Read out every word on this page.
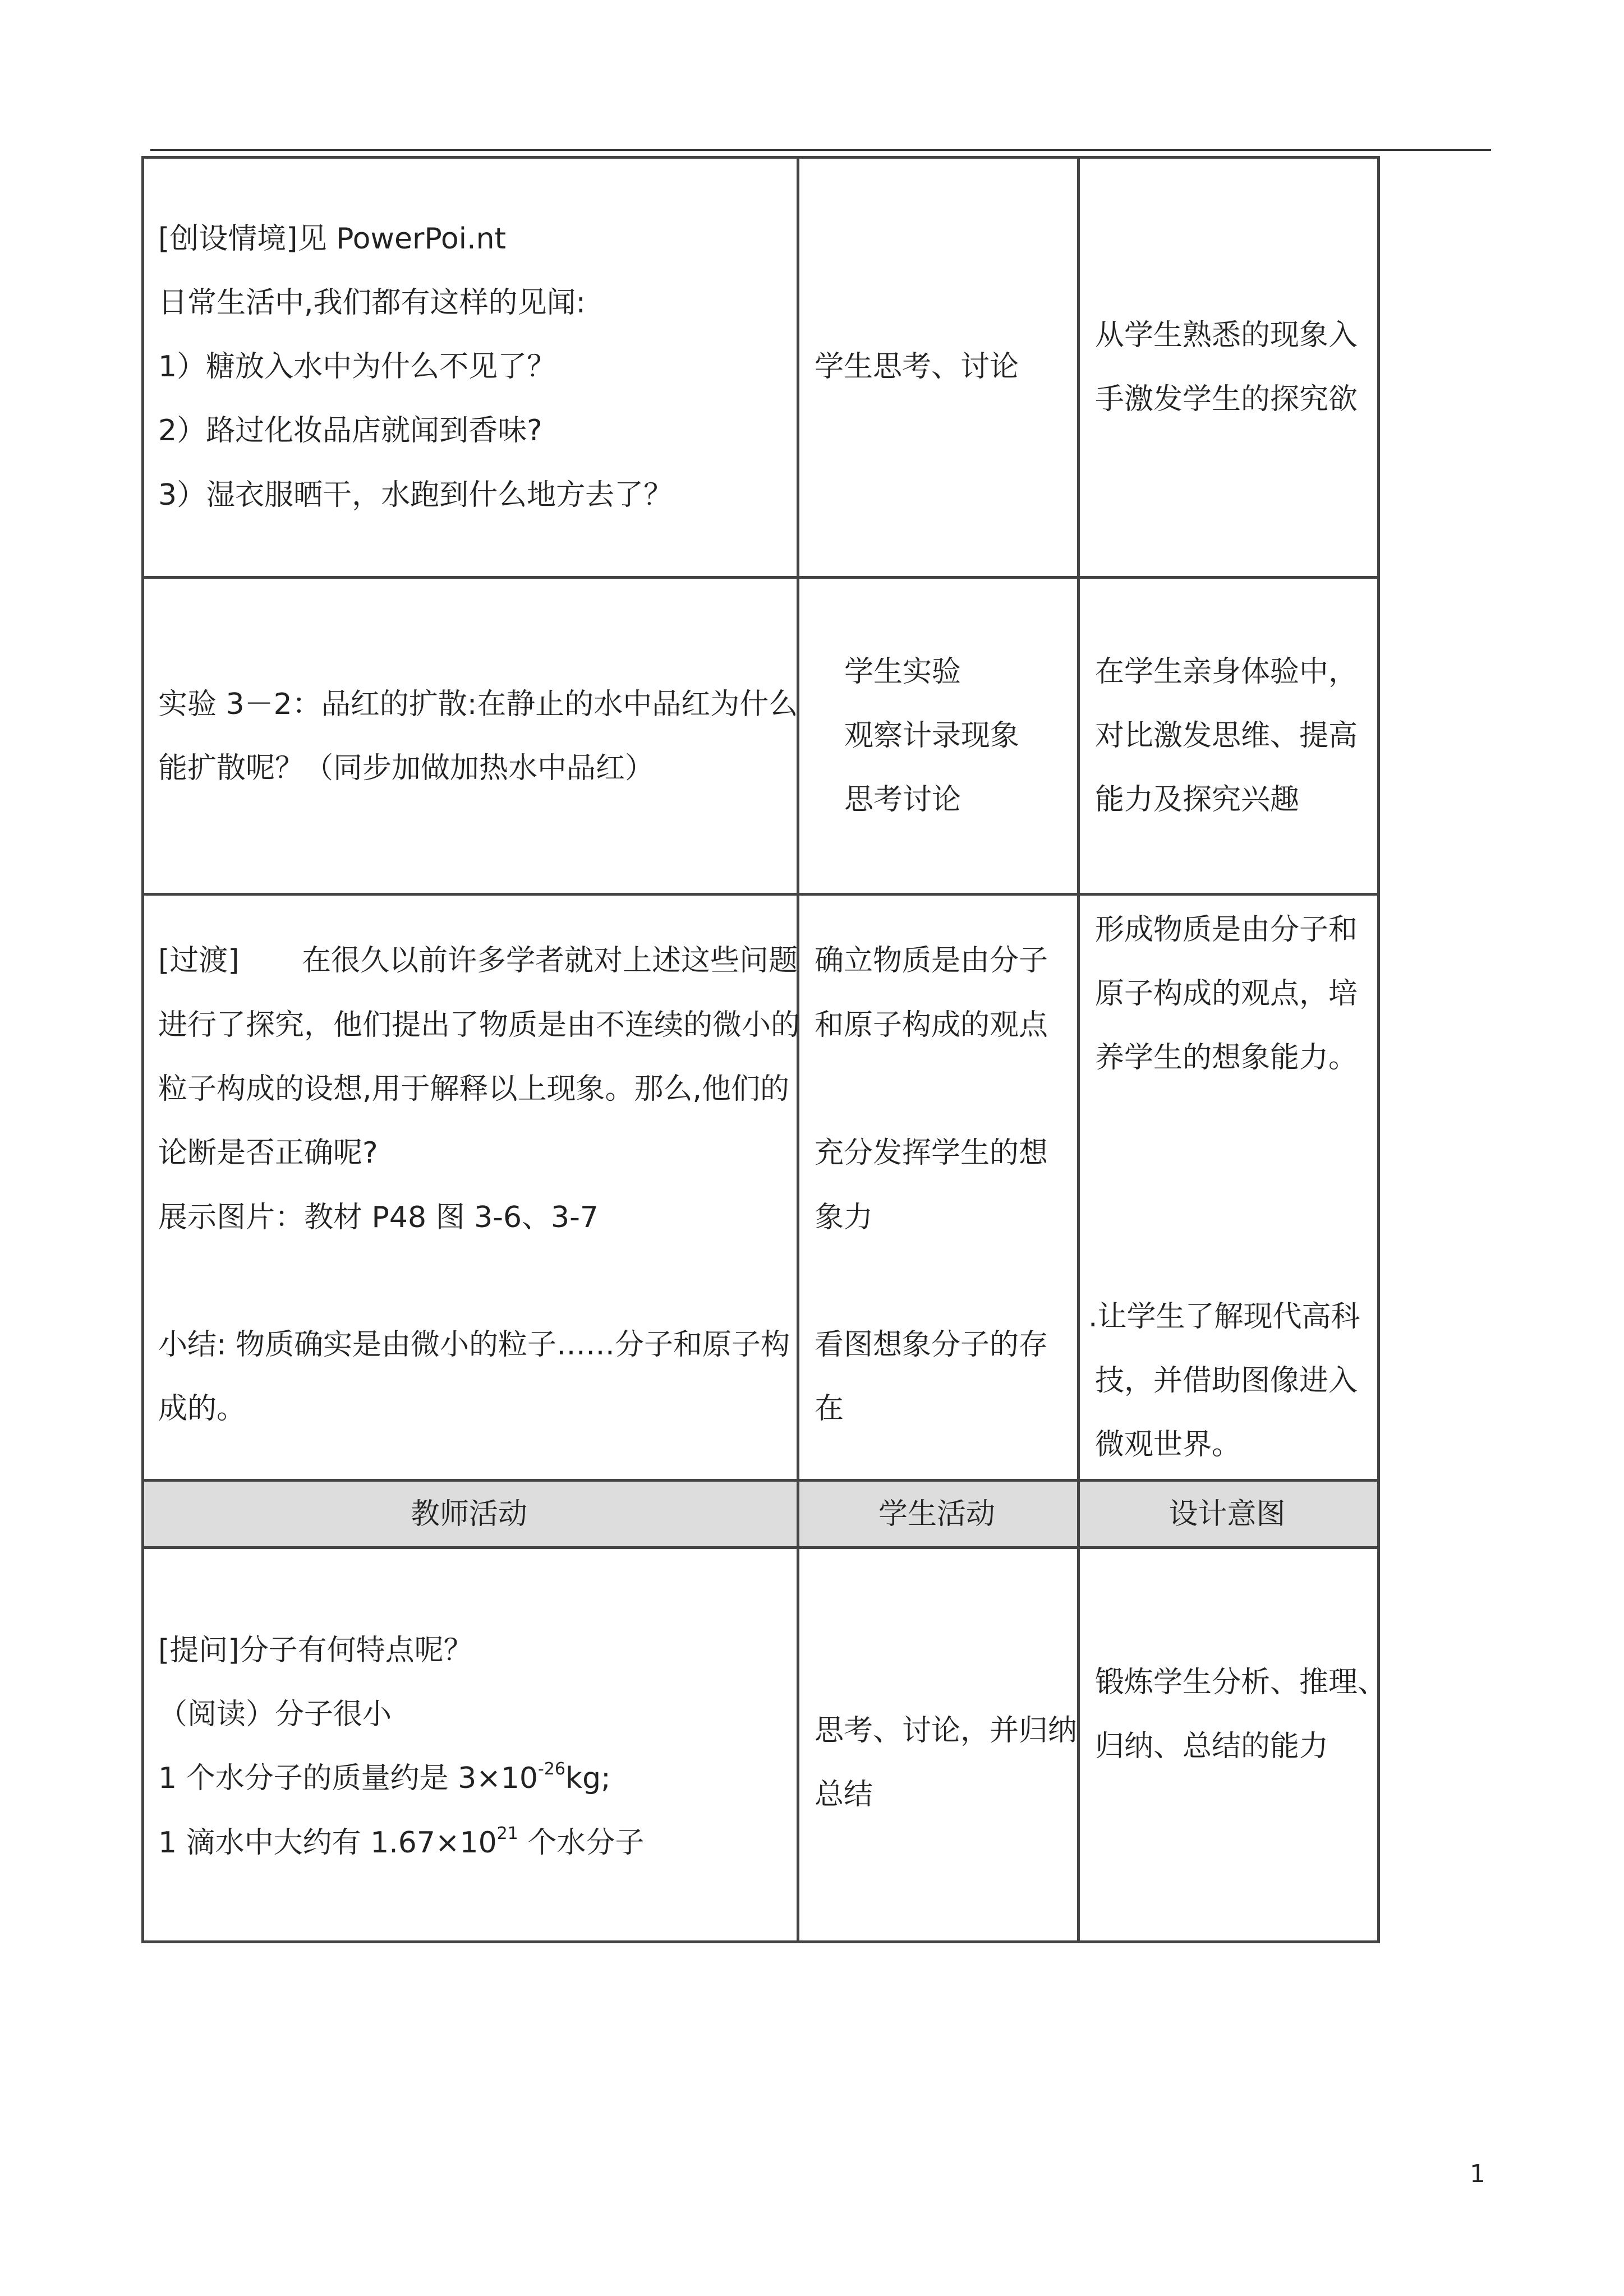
[创设情境]见 PowerPoi.nt
日常生活中,我们都有这样的见闻:
1）糖放入水中为什么不见了？
2）路过化妆品店就闻到香味?
3）湿衣服晒干，水跑到什么地方去了？
学生思考、讨论
从学生熟悉的现象入
手激发学生的探究欲
实验 3－2：品红的扩散:在静止的水中品红为什么
能扩散呢？（同步加做加热水中品红）
学生实验
观察计录现象
思考讨论
在学生亲身体验中，
对比激发思维、提高
能力及探究兴趣
[过渡] 在很久以前许多学者就对上述这些问题
进行了探究，他们提出了物质是由不连续的微小的
粒子构成的设想,用于解释以上现象。那么,他们的
论断是否正确呢?
展示图片：教材 P48 图 3-6、3-7
小结: 物质确实是由微小的粒子……分子和原子构
成的。
确立物质是由分子
和原子构成的观点
充分发挥学生的想
象力
看图想象分子的存
在
形成物质是由分子和
原子构成的观点，培
养学生的想象能力。
.让学生了解现代高科
技，并借助图像进入
微观世界。
教师活动	学生活动	设计意图
[提问]分子有何特点呢？
（阅读）分子很小
1 个水分子的质量约是 $3\times 10^{-26}kg$;
1 滴水中大约有 $1.67\times 10^{21}$ 个水分子
思考、讨论，并归纳
总结
锻炼学生分析、推理、
归纳、总结的能力
1
